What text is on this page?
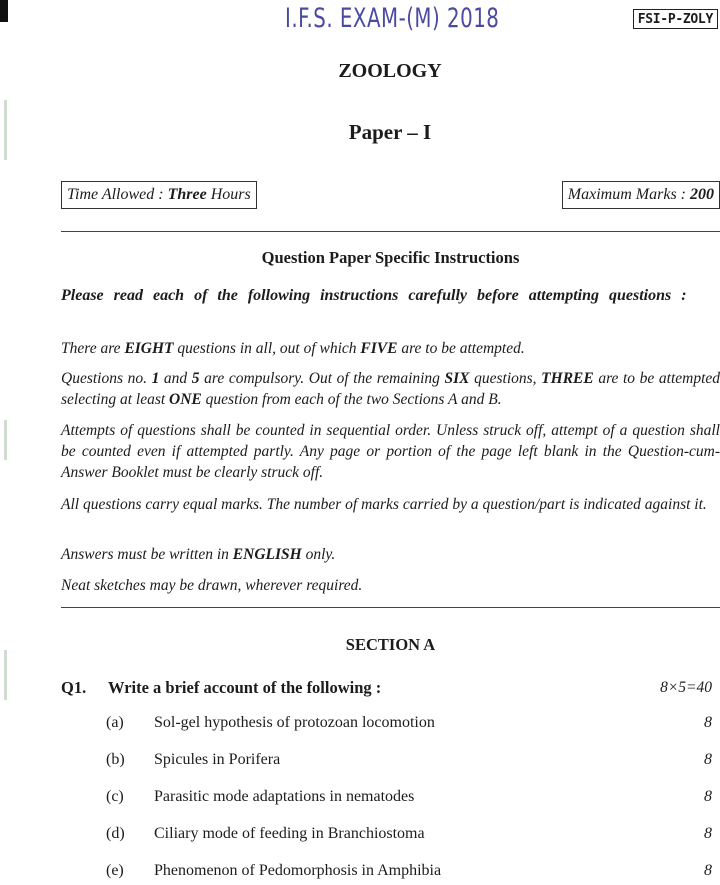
I.F.S. EXAM-(M) 2018	FSI-P-ZOLY
ZOOLOGY
Paper – I
Time Allowed : Three Hours	Maximum Marks : 200
Question Paper Specific Instructions
Please read each of the following instructions carefully before attempting questions :
There are EIGHT questions in all, out of which FIVE are to be attempted.
Questions no. 1 and 5 are compulsory. Out of the remaining SIX questions, THREE are to be attempted selecting at least ONE question from each of the two Sections A and B.
Attempts of questions shall be counted in sequential order. Unless struck off, attempt of a question shall be counted even if attempted partly. Any page or portion of the page left blank in the Question-cum-Answer Booklet must be clearly struck off.
All questions carry equal marks. The number of marks carried by a question/part is indicated against it.
Answers must be written in ENGLISH only.
Neat sketches may be drawn, wherever required.
SECTION A
Q1. Write a brief account of the following :	8×5=40
(a) Sol-gel hypothesis of protozoan locomotion	8
(b) Spicules in Porifera	8
(c) Parasitic mode adaptations in nematodes	8
(d) Ciliary mode of feeding in Branchiostoma	8
(e) Phenomenon of Pedomorphosis in Amphibia	8
